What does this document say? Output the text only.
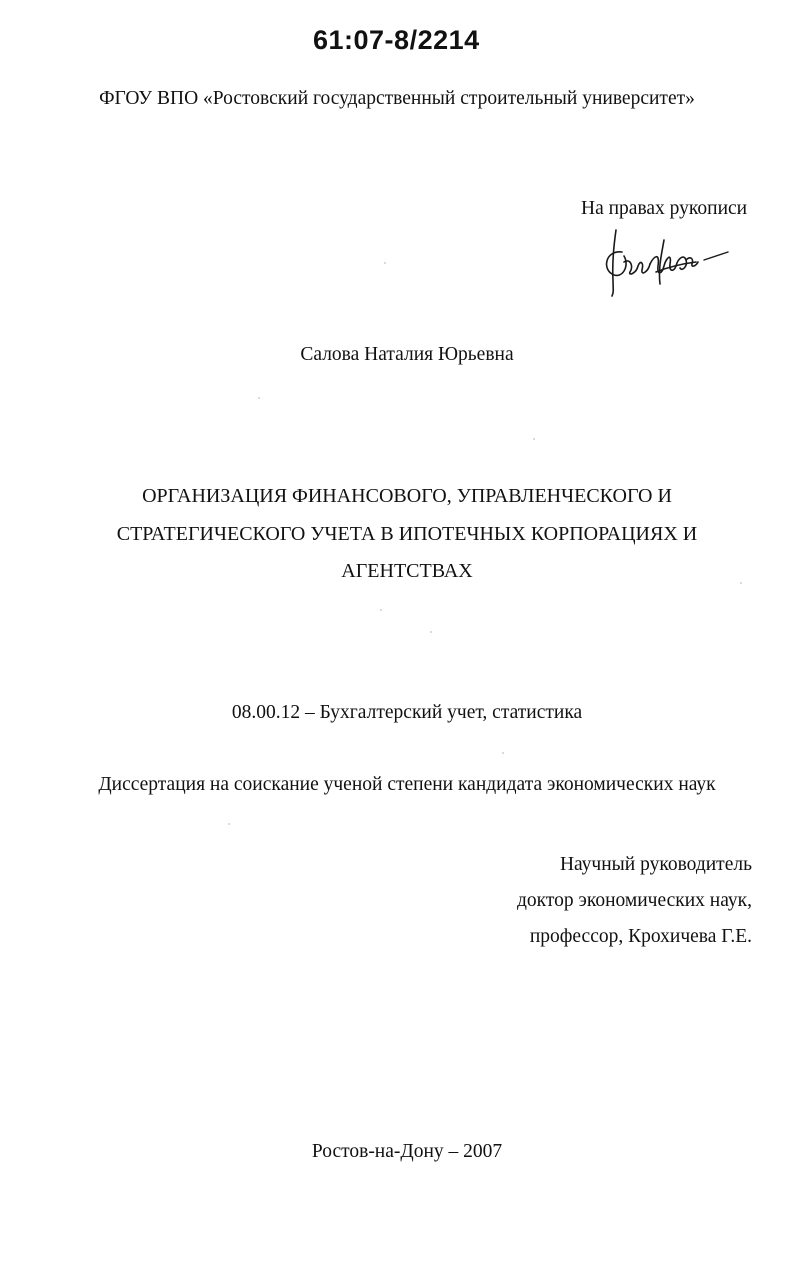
61:07-8/2214
ФГОУ ВПО «Ростовский государственный строительный университет»
На правах рукописи
Салова Наталия Юрьевна
ОРГАНИЗАЦИЯ ФИНАНСОВОГО, УПРАВЛЕНЧЕСКОГО И
СТРАТЕГИЧЕСКОГО УЧЕТА В ИПОТЕЧНЫХ КОРПОРАЦИЯХ И
АГЕНТСТВАХ
08.00.12 – Бухгалтерский учет, статистика
Диссертация на соискание ученой степени кандидата экономических наук
Научный руководитель
доктор экономических наук,
профессор, Крохичева Г.Е.
Ростов-на-Дону – 2007
